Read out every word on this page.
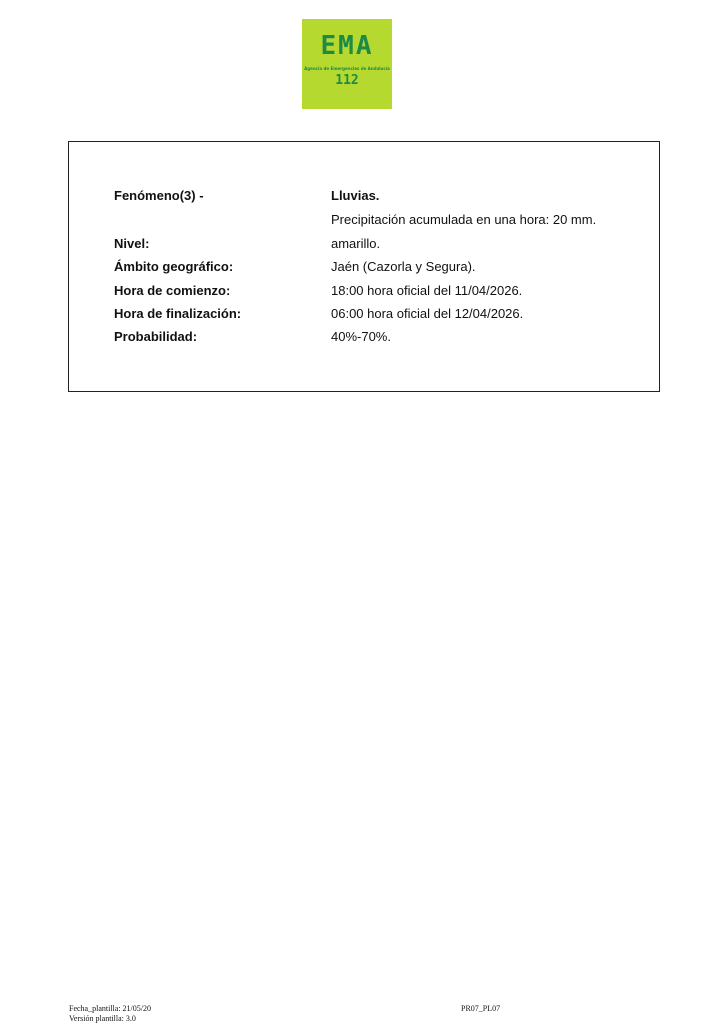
EMA
Agencia de Emergencias de Andalucía
112
Fenómeno(3) -	Lluvias.
Precipitación acumulada en una hora: 20 mm.
Nivel:	amarillo.
Ámbito geográfico:	Jaén (Cazorla y Segura).
Hora de comienzo:	18:00 hora oficial del 11/04/2026.
Hora de finalización:	06:00 hora oficial del 12/04/2026.
Probabilidad:	40%-70%.
Fecha_plantilla: 21/05/20
Versión plantilla: 3.0
PR07_PL07
